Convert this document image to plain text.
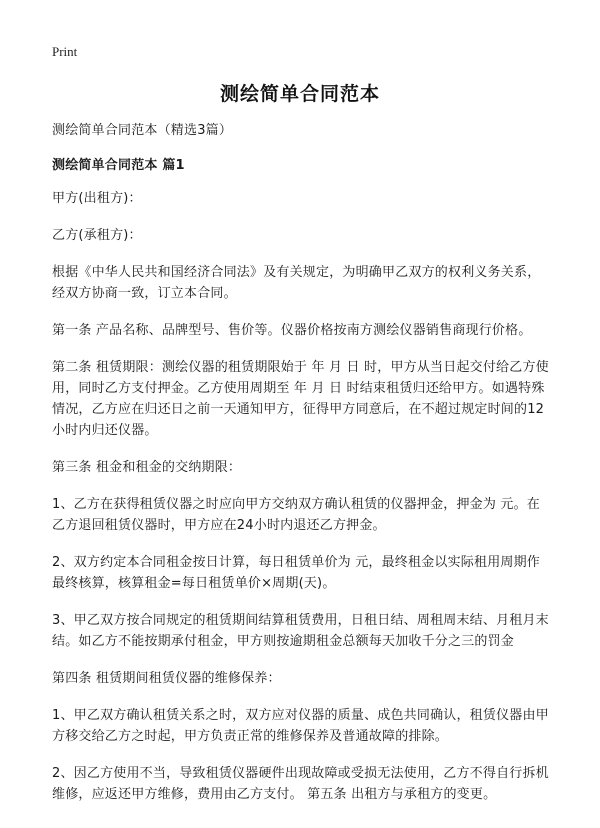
Print
测绘简单合同范本
测绘简单合同范本（精选3篇）
测绘简单合同范本 篇1
甲方(出租方)：
乙方(承租方)：
根据《中华人民共和国经济合同法》及有关规定，为明确甲乙双方的权利义务关系，经双方协商一致，订立本合同。
第一条 产品名称、品牌型号、售价等。仪器价格按南方测绘仪器销售商现行价格。
第二条 租赁期限：测绘仪器的租赁期限始于 年 月 日 时，甲方从当日起交付给乙方使用，同时乙方支付押金。乙方使用周期至 年 月 日 时结束租赁归还给甲方。如遇特殊情况，乙方应在归还日之前一天通知甲方，征得甲方同意后，在不超过规定时间的12小时内归还仪器。
第三条 租金和租金的交纳期限：
1、乙方在获得租赁仪器之时应向甲方交纳双方确认租赁的仪器押金，押金为 元。在乙方退回租赁仪器时，甲方应在24小时内退还乙方押金。
2、双方约定本合同租金按日计算，每日租赁单价为 元，最终租金以实际租用周期作最终核算，核算租金=每日租赁单价×周期(天)。
3、甲乙双方按合同规定的租赁期间结算租赁费用，日租日结、周租周末结、月租月末结。如乙方不能按期承付租金，甲方则按逾期租金总额每天加收千分之三的罚金
第四条 租赁期间租赁仪器的维修保养：
1、甲乙双方确认租赁关系之时，双方应对仪器的质量、成色共同确认，租赁仪器由甲方移交给乙方之时起，甲方负责正常的维修保养及普通故障的排除。
2、因乙方使用不当，导致租赁仪器硬件出现故障或受损无法使用，乙方不得自行拆机维修，应返还甲方维修，费用由乙方支付。 第五条 出租方与承租方的变更。
